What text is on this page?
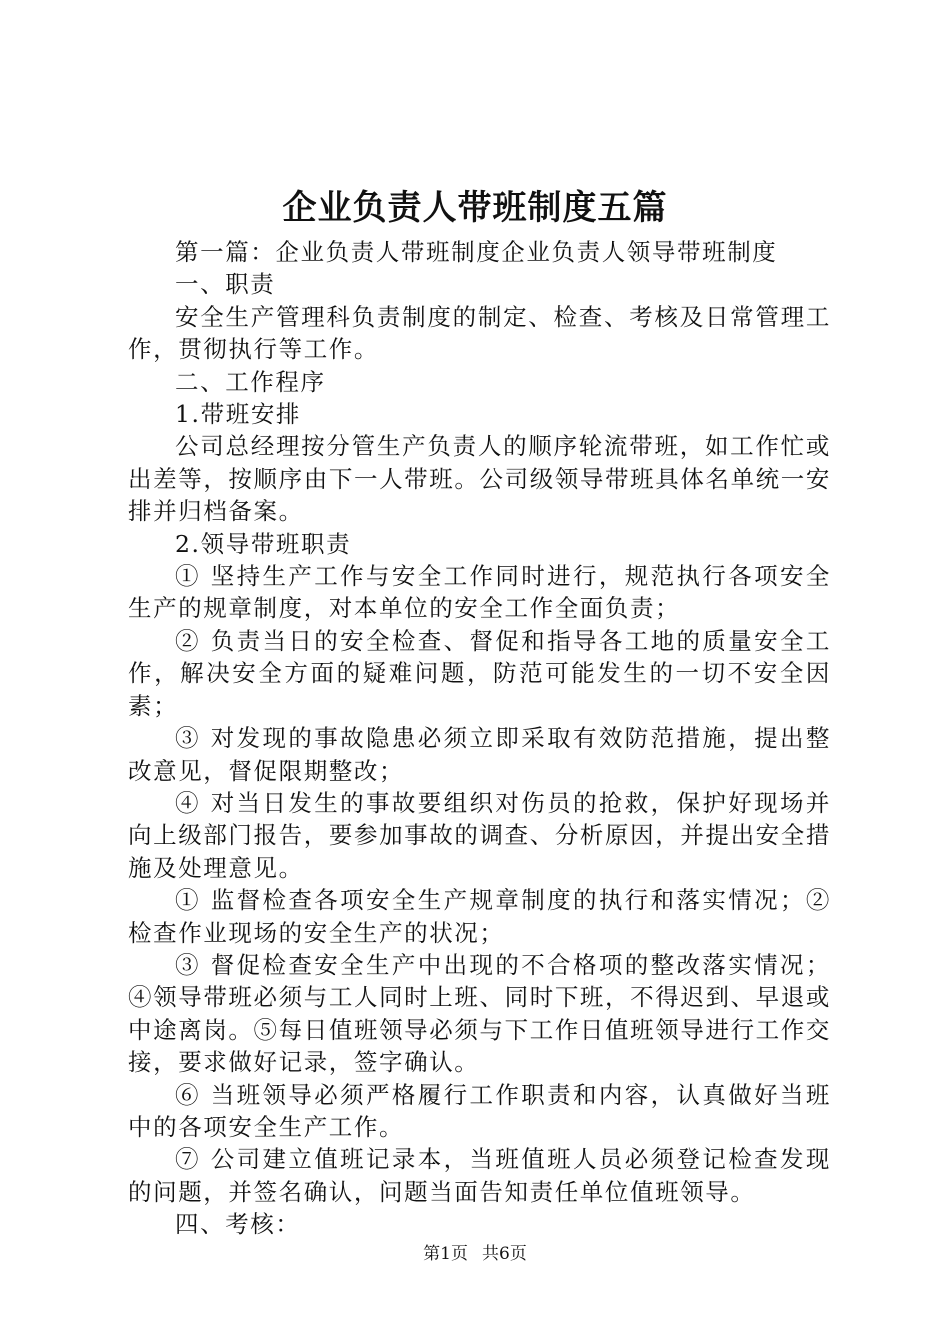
企业负责人带班制度五篇

第一篇：企业负责人带班制度企业负责人领导带班制度

一、职责

安全生产管理科负责制度的制定、检查、考核及日常管理工作，贯彻执行等工作。

二、工作程序

1.带班安排

公司总经理按分管生产负责人的顺序轮流带班，如工作忙或出差等，按顺序由下一人带班。公司级领导带班具体名单统一安排并归档备案。

2.领导带班职责

① 坚持生产工作与安全工作同时进行，规范执行各项安全生产的规章制度，对本单位的安全工作全面负责；

② 负责当日的安全检查、督促和指导各工地的质量安全工作，解决安全方面的疑难问题，防范可能发生的一切不安全因素；

③ 对发现的事故隐患必须立即采取有效防范措施，提出整改意见，督促限期整改；

④ 对当日发生的事故要组织对伤员的抢救，保护好现场并向上级部门报告，要参加事故的调查、分析原因，并提出安全措施及处理意见。

① 监督检查各项安全生产规章制度的执行和落实情况；② 检查作业现场的安全生产的状况；

③ 督促检查安全生产中出现的不合格项的整改落实情况；④领导带班必须与工人同时上班、同时下班，不得迟到、早退或中途离岗。⑤每日值班领导必须与下工作日值班领导进行工作交接，要求做好记录，签字确认。

⑥ 当班领导必须严格履行工作职责和内容，认真做好当班中的各项安全生产工作。

⑦ 公司建立值班记录本，当班值班人员必须登记检查发现的问题，并签名确认，问题当面告知责任单位值班领导。

四、考核：

第1页 共6页
